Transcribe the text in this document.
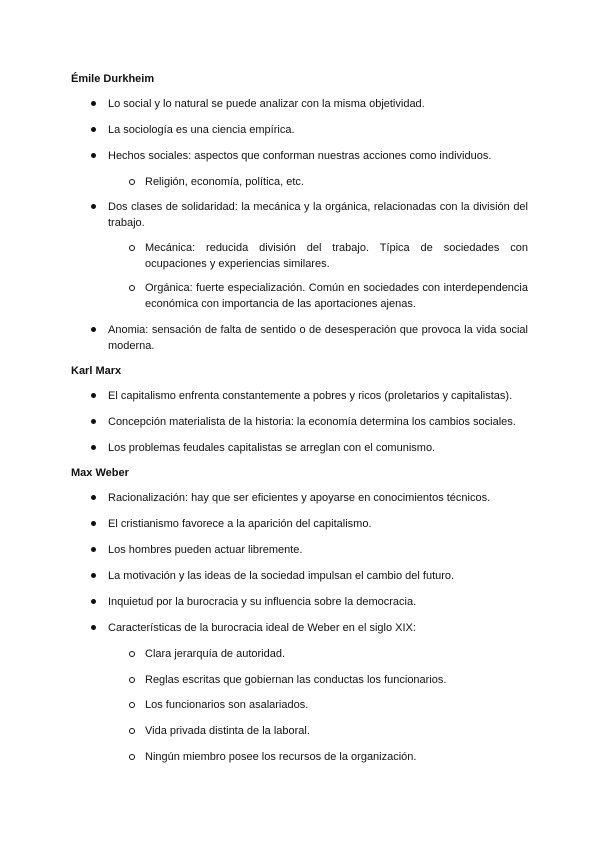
Émile Durkheim
Lo social y lo natural se puede analizar con la misma objetividad.
La sociología es una ciencia empírica.
Hechos sociales: aspectos que conforman nuestras acciones como individuos.
Religión, economía, política, etc.
Dos clases de solidaridad: la mecánica y la orgánica, relacionadas con la división del trabajo.
Mecánica: reducida división del trabajo. Típica de sociedades con ocupaciones y experiencias similares.
Orgánica: fuerte especialización. Común en sociedades con interdependencia económica con importancia de las aportaciones ajenas.
Anomia: sensación de falta de sentido o de desesperación que provoca la vida social moderna.
Karl Marx
El capitalismo enfrenta constantemente a pobres y ricos (proletarios y capitalistas).
Concepción materialista de la historia: la economía determina los cambios sociales.
Los problemas feudales capitalistas se arreglan con el comunismo.
Max Weber
Racionalización: hay que ser eficientes y apoyarse en conocimientos técnicos.
El cristianismo favorece a la aparición del capitalismo.
Los hombres pueden actuar libremente.
La motivación y las ideas de la sociedad impulsan el cambio del futuro.
Inquietud por la burocracia y su influencia sobre la democracia.
Características de la burocracia ideal de Weber en el siglo XIX:
Clara jerarquía de autoridad.
Reglas escritas que gobiernan las conductas los funcionarios.
Los funcionarios son asalariados.
Vida privada distinta de la laboral.
Ningún miembro posee los recursos de la organización.
